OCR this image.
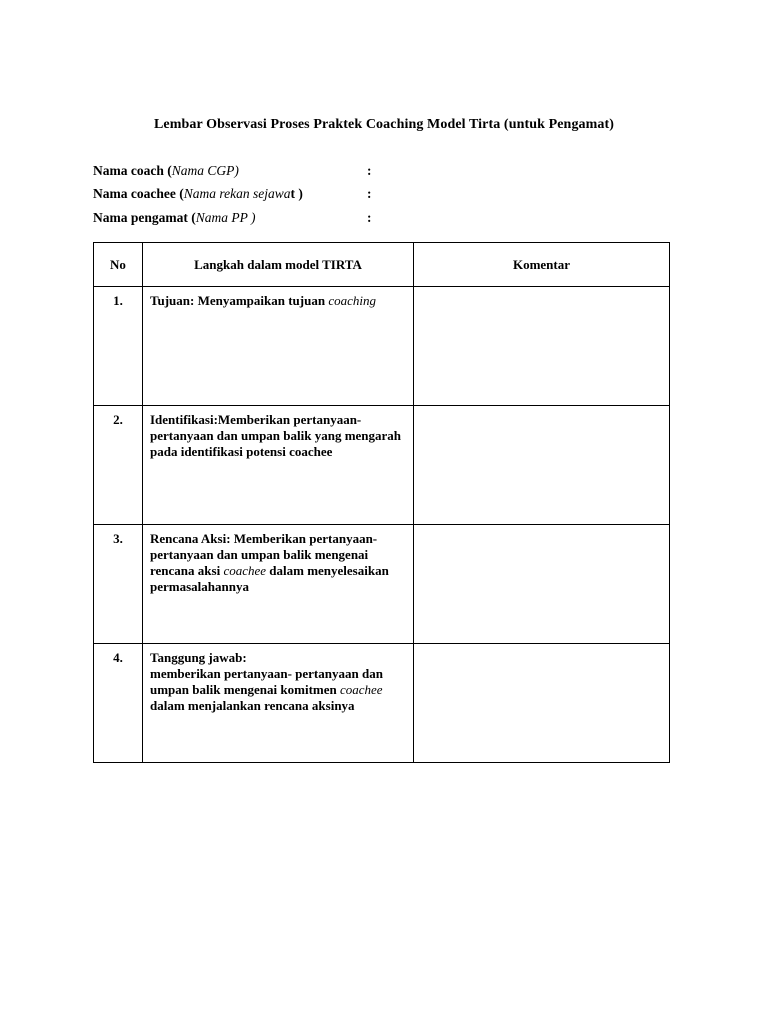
Lembar Observasi Proses Praktek Coaching Model Tirta (untuk Pengamat)
Nama coach (Nama CGP)	:
Nama coachee (Nama rekan sejawat )	:
Nama pengamat (Nama PP )	:
No	Langkah dalam model TIRTA	Komentar
1.	Tujuan: Menyampaikan tujuan coaching	
2.	Identifikasi:Memberikan pertanyaan- pertanyaan dan umpan balik yang mengarah pada identifikasi potensi coachee	
3.	Rencana Aksi: Memberikan pertanyaan- pertanyaan dan umpan balik mengenai rencana aksi coachee dalam menyelesaikan permasalahannya	
4.	Tanggung jawab:
memberikan pertanyaan- pertanyaan dan umpan balik mengenai komitmen coachee dalam menjalankan rencana aksinya	
